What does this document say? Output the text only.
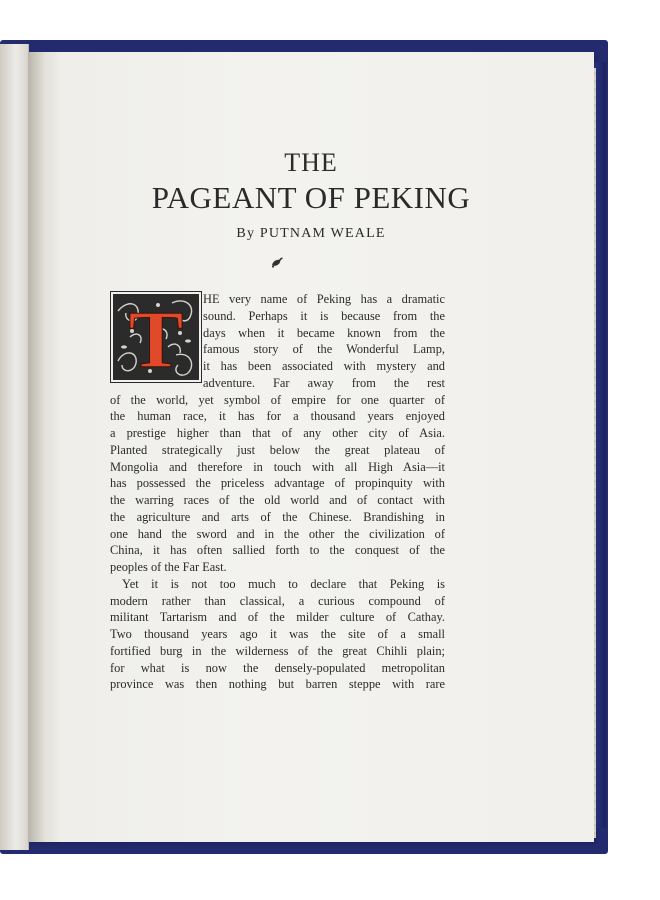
THE
PAGEANT OF PEKING

By PUTNAM WEALE

T HE very name of Peking has a dramatic
sound. Perhaps it is because from the
days when it became known from the
famous story of the Wonderful Lamp,
it has been associated with mystery and
adventure. Far away from the rest
of the world, yet symbol of empire for one quarter of
the human race, it has for a thousand years enjoyed
a prestige higher than that of any other city of Asia.
Planted strategically just below the great plateau of
Mongolia and therefore in touch with all High Asia—it
has possessed the priceless advantage of propinquity with
the warring races of the old world and of contact with
the agriculture and arts of the Chinese. Brandishing in
one hand the sword and in the other the civilization of
China, it has often sallied forth to the conquest of the
peoples of the Far East.
Yet it is not too much to declare that Peking is
modern rather than classical, a curious compound of
militant Tartarism and of the milder culture of Cathay.
Two thousand years ago it was the site of a small
fortified burg in the wilderness of the great Chihli plain;
for what is now the densely-populated metropolitan
province was then nothing but barren steppe with rare
